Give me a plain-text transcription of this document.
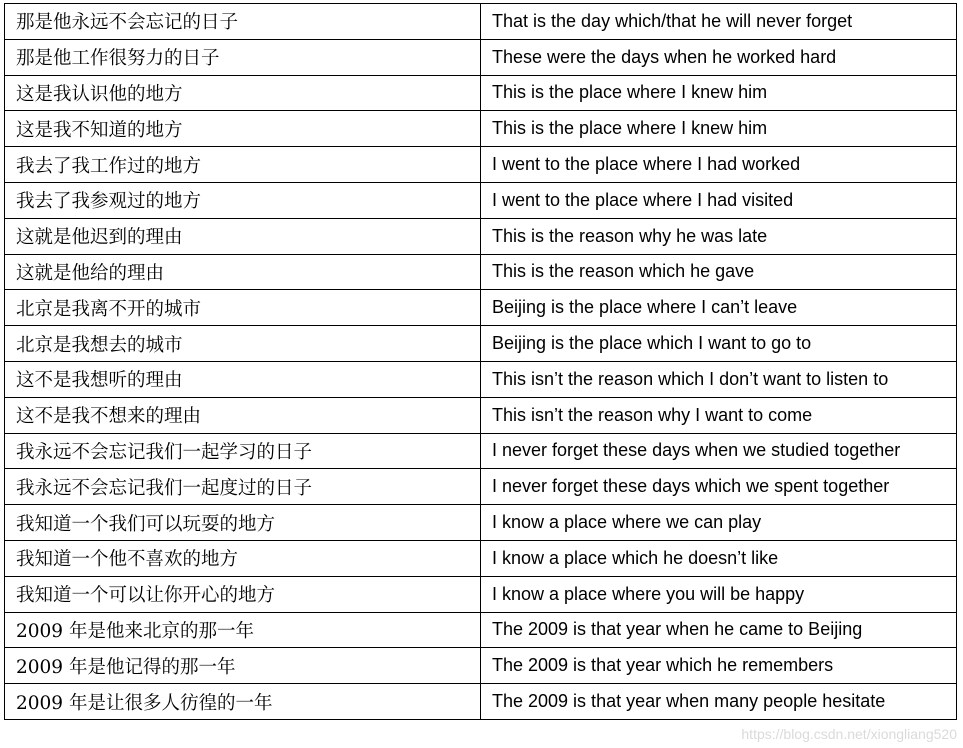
那是他永远不会忘记的日子	That is the day which/that he will never forget
那是他工作很努力的日子	These were the days when he worked hard
这是我认识他的地方	This is the place where I knew him
这是我不知道的地方	This is the place where I knew him
我去了我工作过的地方	I went to the place where I had worked
我去了我参观过的地方	I went to the place where I had visited
这就是他迟到的理由	This is the reason why he was late
这就是他给的理由	This is the reason which he gave
北京是我离不开的城市	Beijing is the place where I can’t leave
北京是我想去的城市	Beijing is the place which I want to go to
这不是我想听的理由	This isn’t the reason which I don’t want to listen to
这不是我不想来的理由	This isn’t the reason why I want to come
我永远不会忘记我们一起学习的日子	I never forget these days when we studied together
我永远不会忘记我们一起度过的日子	I never forget these days which we spent together
我知道一个我们可以玩耍的地方	I know a place where we can play
我知道一个他不喜欢的地方	I know a place which he doesn’t like
我知道一个可以让你开心的地方	I know a place where you will be happy
2009 年是他来北京的那一年	The 2009 is that year when he came to Beijing
2009 年是他记得的那一年	The 2009 is that year which he remembers
2009 年是让很多人彷徨的一年	The 2009 is that year when many people hesitate
https://blog.csdn.net/xiongliang520
